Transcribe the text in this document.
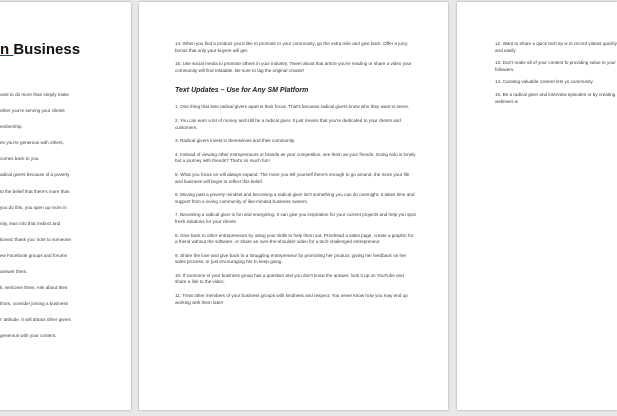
n Business

vant to do more than simply make

other you're serving your clients

embership.

en you're generous with others,

comes back to you.

adical givers because of a poverty

to the belief that there's more than

you do this, you open up room in

nity, lean into that instinct and

tioned 'thank you' note to someone

ew Facebook groups and forums

answer them.

k, welcome them. Ask about their

thors, consider joining a business

r' attitude. It will attract other givers

generous with your content.

14. When you find a product you'd like to promote to your community, go the extra mile and give back. Offer a juicy bonus that only your buyers will get.

15. Use social media to promote others in your industry. Tweet about that article you're reading or share a video your community will find relatable. Be sure to tag the original creator!

Text Updates – Use for Any SM Platform

1. One thing that sets radical givers apart is their focus. That's because radical givers know who they want to serve.

2. You can earn a lot of money and still be a radical giver. It just means that you're dedicated to your clients and customers.

3. Radical givers invest in themselves and their community.

4. Instead of viewing other entrepreneurs or brands as your competition, see them as your friends. Going solo is lonely but a journey with friends? That's so much fun!

5. What you focus on will always expand. The more you tell yourself there's enough to go around, the more your life and business will begin to reflect this belief.

6. Moving past a poverty mindset and becoming a radical giver isn't something you can do overnight. It takes time and support from a loving community of like-minded business owners.

7. Becoming a radical giver is fun and energizing. It can give you inspiration for your current projects and help you spot fresh solutions for your clients.

8. Give back to other entrepreneurs by using your skills to help them out. Proofread a sales page, create a graphic for a friend without the software, or share an over-the-shoulder video for a tech-challenged entrepreneur.

9. Share the love and give back to a struggling entrepreneur by promoting her product, giving her feedback on her sales process, or just encouraging her to keep going.

10. If someone in your business group has a question and you don't know the answer, look it up on YouTube and share a link to the video.

11. Treat other members of your business groups with kindness and respect. You never know how you may end up working with them later!

12. Want to share a quick tech tip w to record videos quickly and easily

13. Don't make all of your content fo providing value to your followers.

14. Curating valuable content lets yo community.

15. Be a radical giver and interview episodes or by creating webinars w
